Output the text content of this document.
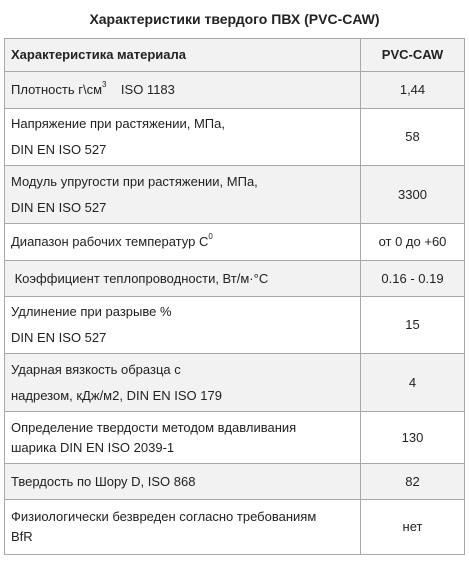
Характеристики твердого ПВХ (PVC-CAW)
Характеристика материала	PVC-CAW
Плотность $г\backslash см^3$    ISO 1183	1,44
Напряжение при растяжении, МПа,
DIN EN ISO 527	58
Модуль упругости при растяжении, МПа,
DIN EN ISO 527	3300
Диапазон рабочих температур $С^0$	от 0 до +60
Коэффициент теплопроводности, Вт/м·°С	0.16 - 0.19
Удлинение при разрыве %
DIN EN ISO 527	15
Ударная вязкость образца с
надрезом, кДж/м2, DIN EN ISO 179	4
Определение твердости методом вдавливания
шарика DIN EN ISO 2039-1	130
Твердость по Шору D, ISO 868	82
Физиологически безвреден согласно требованиям
BfR	нет
